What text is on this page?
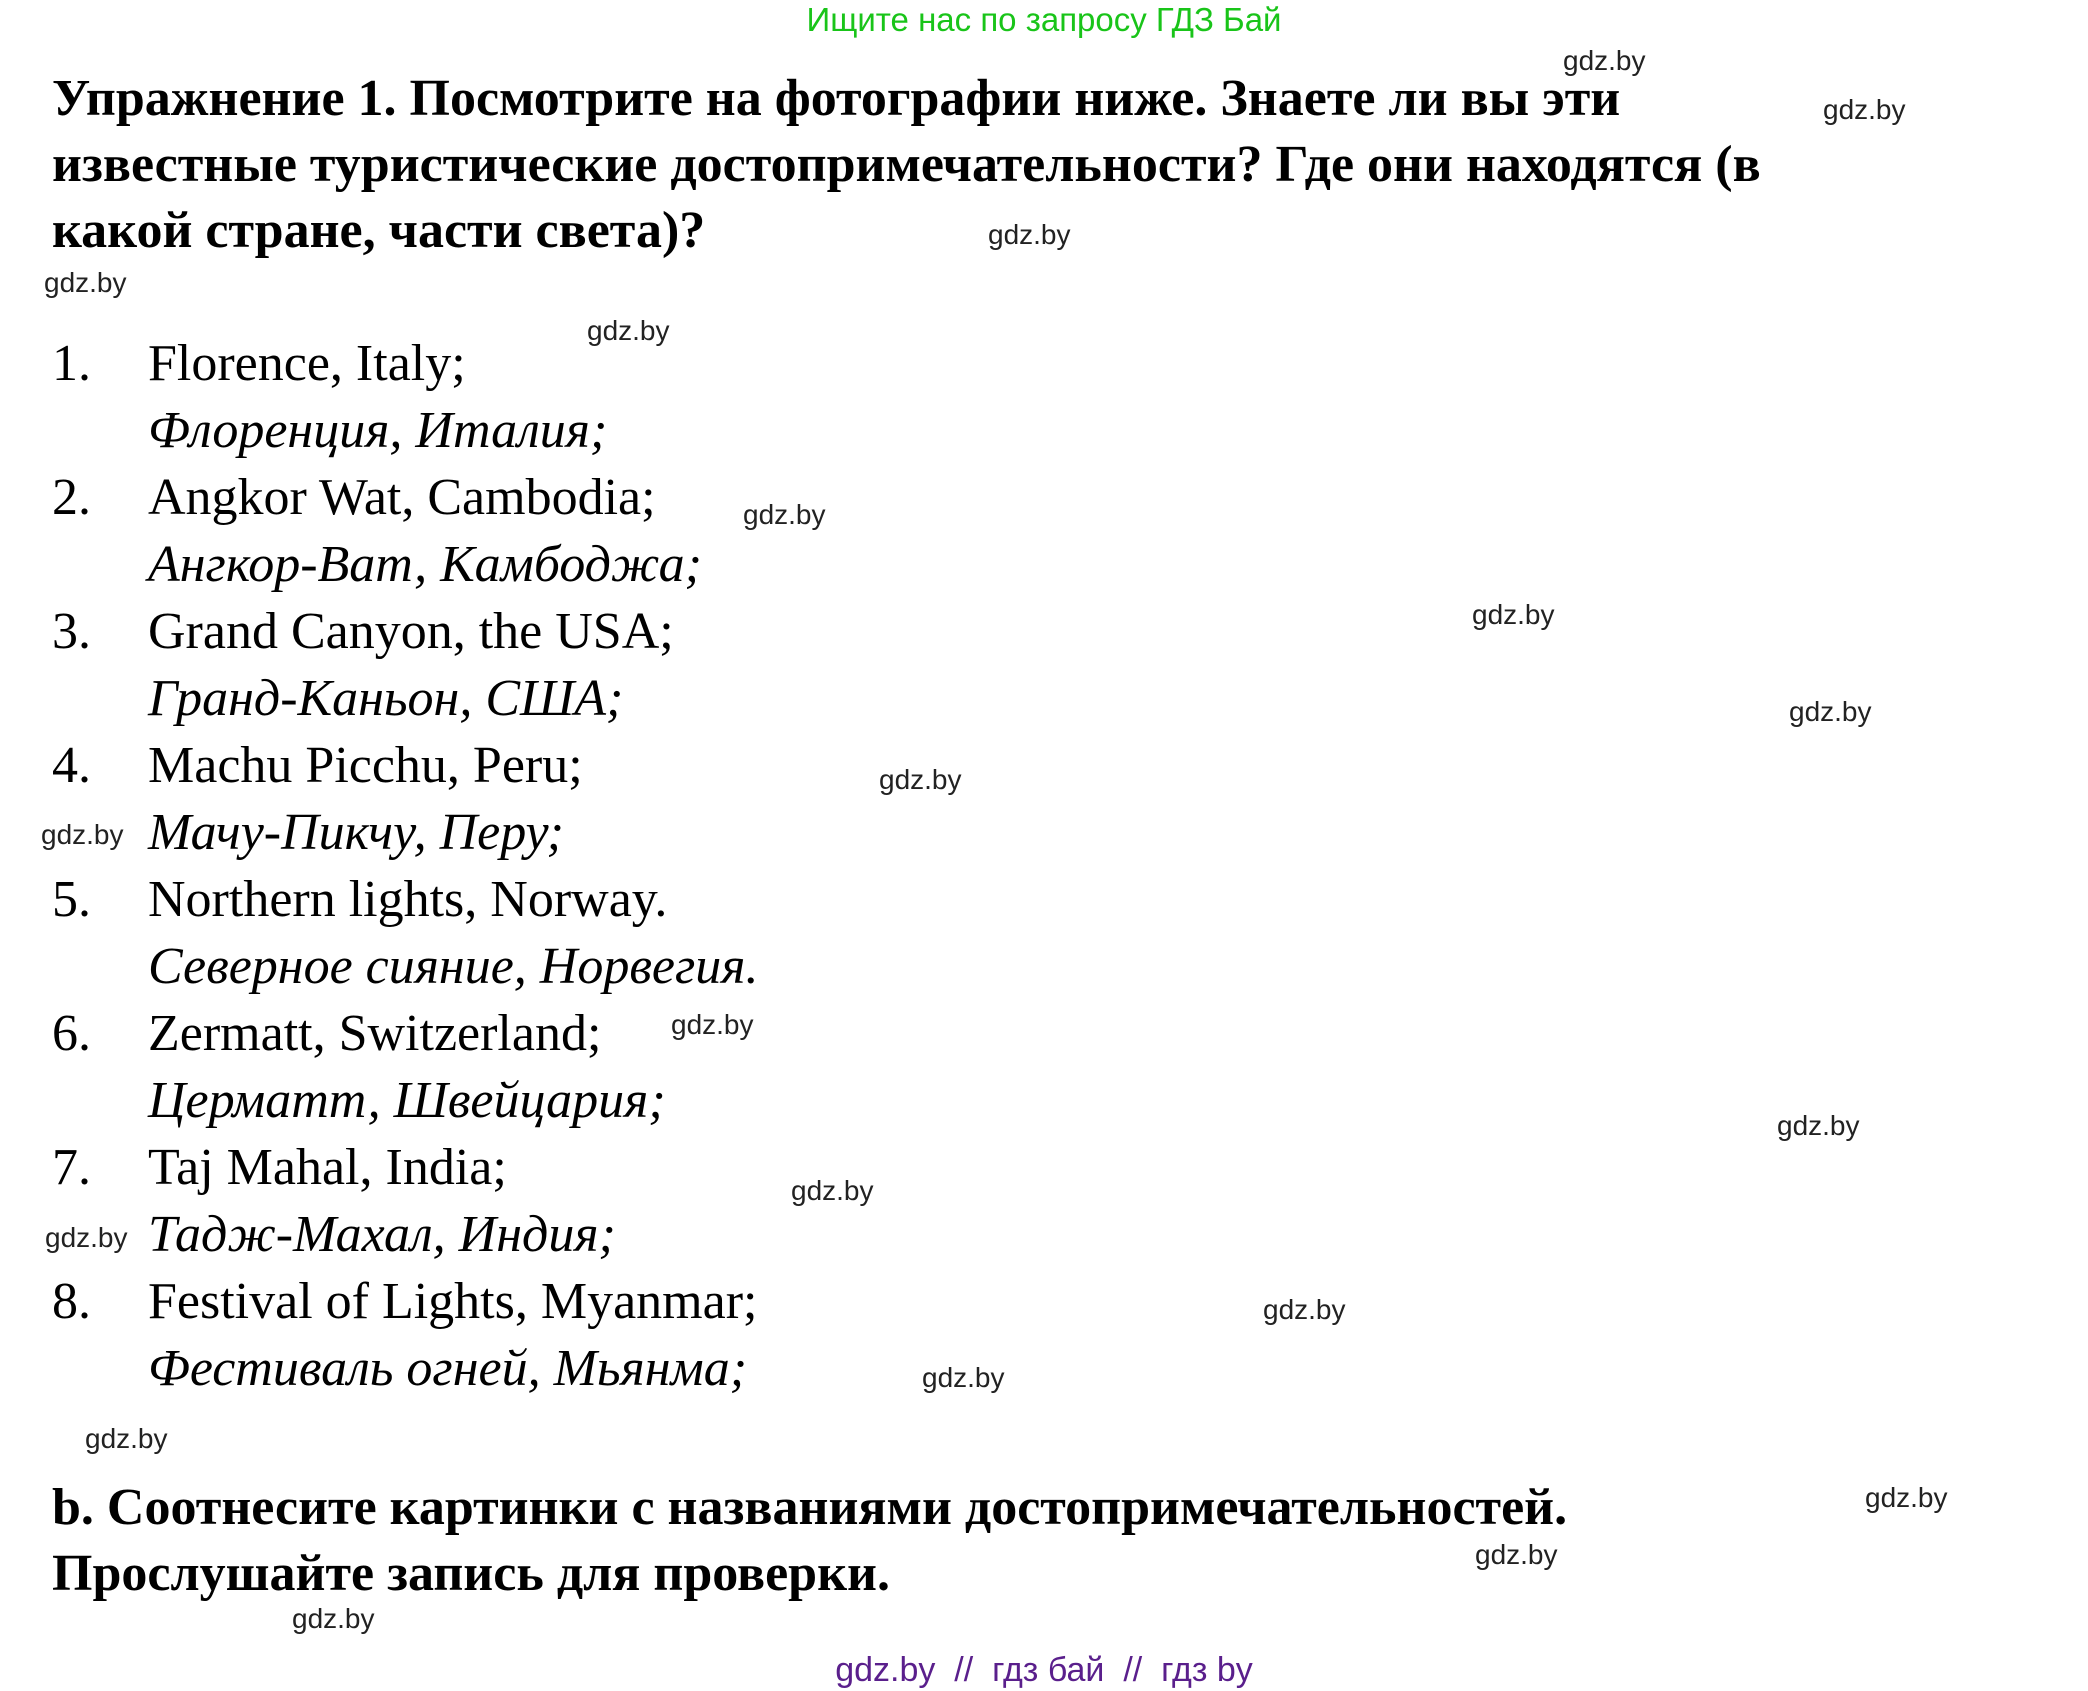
Ищите нас по запросу ГДЗ Бай
Упражнение 1. Посмотрите на фотографии ниже. Знаете ли вы эти
известные туристические достопримечательности? Где они находятся (в
какой стране, части света)?
1. Florence, Italy;
Флоренция, Италия;
2. Angkor Wat, Cambodia;
Ангкор-Ват, Камбоджа;
3. Grand Canyon, the USA;
Гранд-Каньон, США;
4. Machu Picchu, Peru;
Мачу-Пикчу, Перу;
5. Northern lights, Norway.
Северное сияние, Норвегия.
6. Zermatt, Switzerland;
Церматт, Швейцария;
7. Taj Mahal, India;
Тадж-Махал, Индия;
8. Festival of Lights, Myanmar;
Фестиваль огней, Мьянма;
b. Соотнесите картинки с названиями достопримечательностей.
Прослушайте запись для проверки.
gdz.by
gdz.by
gdz.by
gdz.by
gdz.by
gdz.by
gdz.by
gdz.by
gdz.by
gdz.by
gdz.by
gdz.by
gdz.by
gdz.by
gdz.by
gdz.by
gdz.by
gdz.by
gdz.by
gdz.by
gdz.by  //  гдз бай  //  гдз by
